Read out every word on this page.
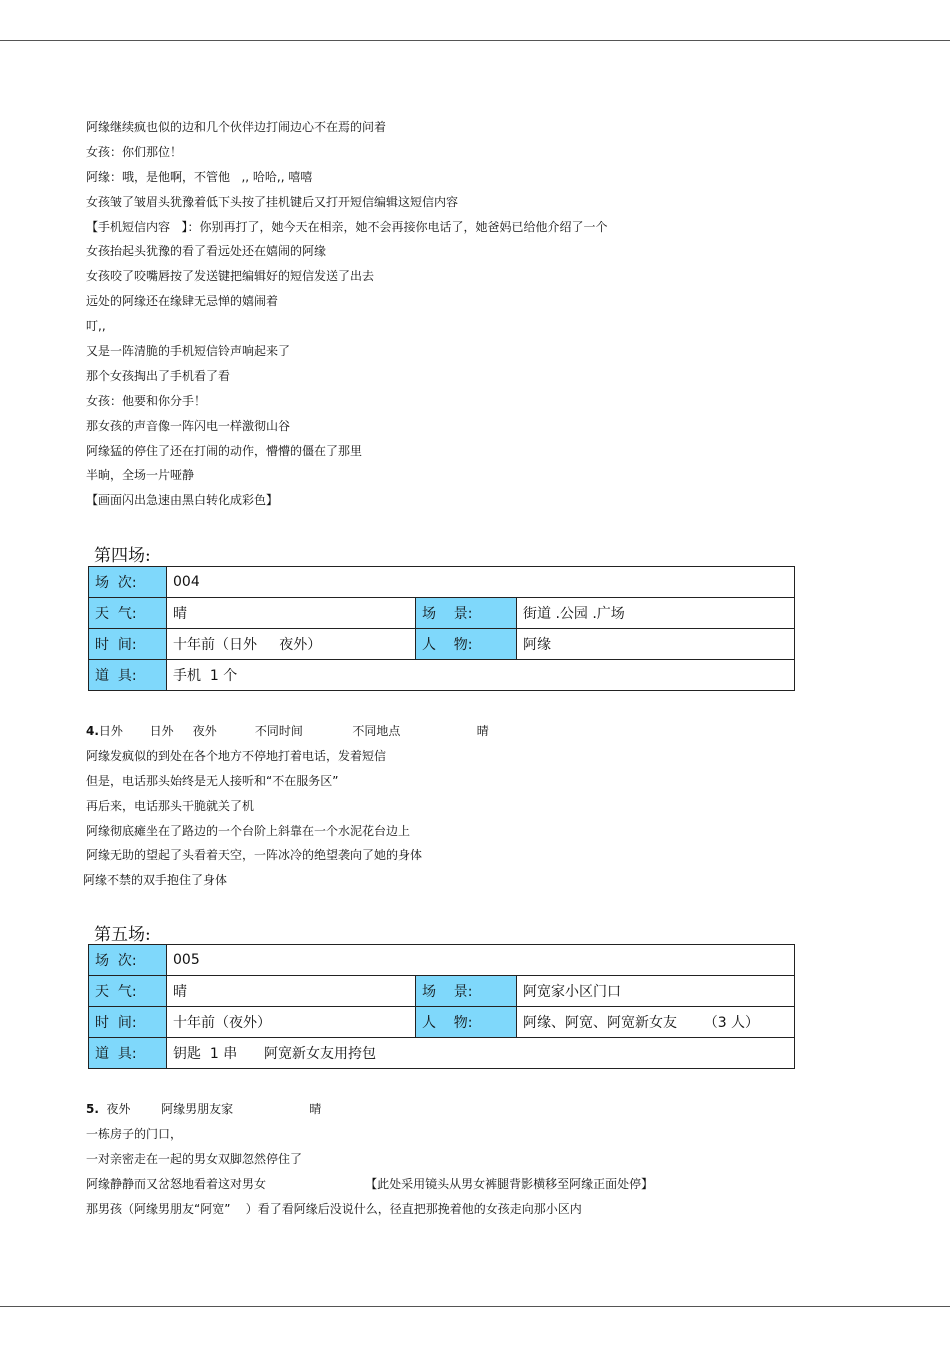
阿缘继续疯也似的边和几个伙伴边打闹边心不在焉的问着
女孩：你们那位！
阿缘：哦，是他啊，不管他   ,, 哈哈,, 嘻嘻
女孩皱了皱眉头犹豫着低下头按了挂机键后又打开短信编辑这短信内容
【手机短信内容   】：你别再打了，她今天在相亲，她不会再接你电话了，她爸妈已给他介绍了一个
女孩抬起头犹豫的看了看远处还在嬉闹的阿缘
女孩咬了咬嘴唇按了发送键把编辑好的短信发送了出去
远处的阿缘还在缘肆无忌惮的嬉闹着
叮,,
又是一阵清脆的手机短信铃声响起来了
那个女孩掏出了手机看了看
女孩：他要和你分手！
那女孩的声音像一阵闪电一样激彻山谷
阿缘猛的停住了还在打闹的动作，懵懵的僵在了那里
半晌，全场一片哑静
【画面闪出急速由黑白转化成彩色】
第四场:
场  次:	004		
天  气:	晴	场    景:	街道 .公园 .广场
时  间:	十年前（日外     夜外）	人    物:	阿缘
道  具:	手机  1 个		
4.日外       日外     夜外          不同时间             不同地点                    晴
阿缘发疯似的到处在各个地方不停地打着电话，发着短信
但是，电话那头始终是无人接听和“不在服务区”
再后来，电话那头干脆就关了机
阿缘彻底瘫坐在了路边的一个台阶上斜靠在一个水泥花台边上
阿缘无助的望起了头看着天空，一阵冰冷的绝望袭向了她的身体
阿缘不禁的双手抱住了身体
第五场:
场  次:	005		
天  气:	晴	场    景:	阿宽家小区门口
时  间:	十年前（夜外）	人    物:	阿缘、阿宽、阿宽新女友      （3 人）
道  具:	钥匙  1 串      阿宽新女友用挎包		
5.  夜外        阿缘男朋友家                    晴
一栋房子的门口，
一对亲密走在一起的男女双脚忽然停住了
阿缘静静而又岔怒地看着这对男女                          【此处采用镜头从男女裤腿背影横移至阿缘正面处停】
那男孩（阿缘男朋友“阿宽”    ）看了看阿缘后没说什么，径直把那挽着他的女孩走向那小区内
